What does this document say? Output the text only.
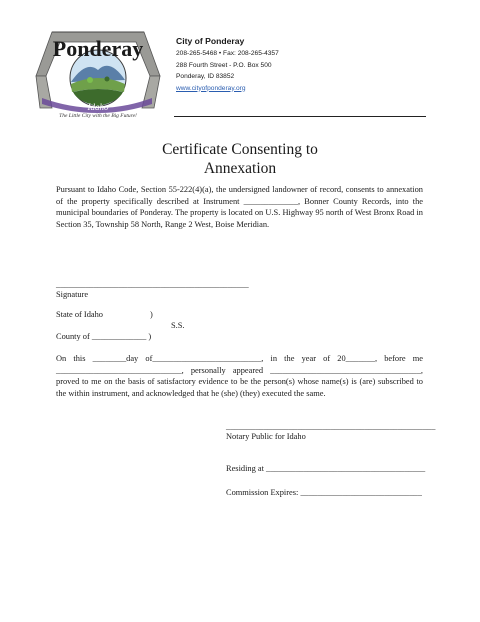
Ponderay
Idaho
The Little City with the Big Future!
City of Ponderay
208-265-5468 • Fax: 208-265-4357
288 Fourth Street - P.O. Box 500
Ponderay, ID 83852
www.cityofponderay.org
Certificate Consenting to
Annexation
Pursuant to Idaho Code, Section 55-222(4)(a), the undersigned landowner of record, consents to annexation of the property specifically described at Instrument _____________, Bonner County Records, into the municipal boundaries of Ponderay. The property is located on U.S. Highway 95 north of West Bronx Road in Section 35, Township 58 North, Range 2 West, Boise Meridian.
______________________________________________
Signature
State of Idaho	)
S.S.
County of _____________ )
On this ________day of__________________________, in the year of 20_______, before me ______________________________, personally appeared ____________________________________, proved to me on the basis of satisfactory evidence to be the person(s) whose name(s) is (are) subscribed to the within instrument, and acknowledged that he (she) (they) executed the same.
__________________________________________________
Notary Public for Idaho
Residing at ______________________________________
Commission Expires: _____________________________
